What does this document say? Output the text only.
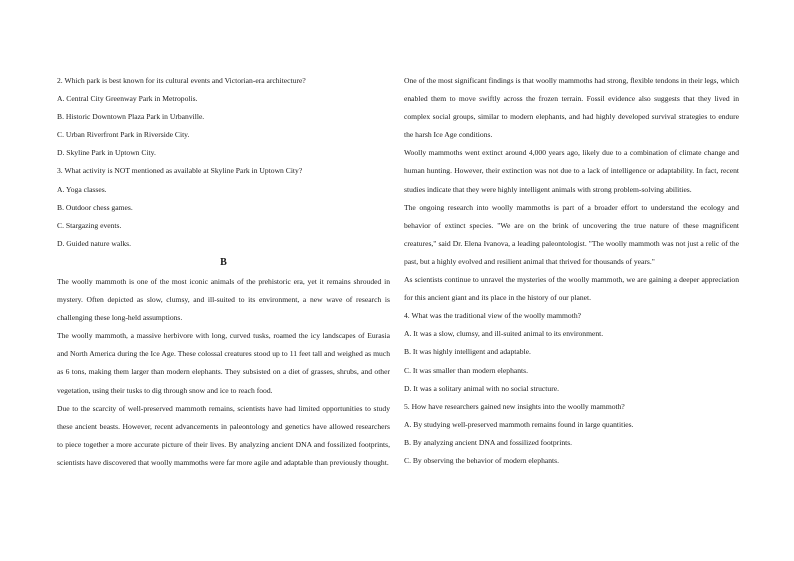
2. Which park is best known for its cultural events and Victorian-era architecture?

A. Central City Greenway Park in Metropolis.

B. Historic Downtown Plaza Park in Urbanville.

C. Urban Riverfront Park in Riverside City.

D. Skyline Park in Uptown City.

3. What activity is NOT mentioned as available at Skyline Park in Uptown City?

A. Yoga classes.

B. Outdoor chess games.

C. Stargazing events.

D. Guided nature walks.

B

The woolly mammoth is one of the most iconic animals of the prehistoric era, yet it remains shrouded in mystery. Often depicted as slow, clumsy, and ill-suited to its environment, a new wave of research is challenging these long-held assumptions.

The woolly mammoth, a massive herbivore with long, curved tusks, roamed the icy landscapes of Eurasia and North America during the Ice Age. These colossal creatures stood up to 11 feet tall and weighed as much as 6 tons, making them larger than modern elephants. They subsisted on a diet of grasses, shrubs, and other vegetation, using their tusks to dig through snow and ice to reach food.

Due to the scarcity of well-preserved mammoth remains, scientists have had limited opportunities to study these ancient beasts. However, recent advancements in paleontology and genetics have allowed researchers to piece together a more accurate picture of their lives. By analyzing ancient DNA and fossilized footprints, scientists have discovered that woolly mammoths were far more agile and adaptable than previously thought.

One of the most significant findings is that woolly mammoths had strong, flexible tendons in their legs, which enabled them to move swiftly across the frozen terrain. Fossil evidence also suggests that they lived in complex social groups, similar to modern elephants, and had highly developed survival strategies to endure the harsh Ice Age conditions.

Woolly mammoths went extinct around 4,000 years ago, likely due to a combination of climate change and human hunting. However, their extinction was not due to a lack of intelligence or adaptability. In fact, recent studies indicate that they were highly intelligent animals with strong problem-solving abilities.

The ongoing research into woolly mammoths is part of a broader effort to understand the ecology and behavior of extinct species. "We are on the brink of uncovering the true nature of these magnificent creatures," said Dr. Elena Ivanova, a leading paleontologist. "The woolly mammoth was not just a relic of the past, but a highly evolved and resilient animal that thrived for thousands of years."

As scientists continue to unravel the mysteries of the woolly mammoth, we are gaining a deeper appreciation for this ancient giant and its place in the history of our planet.

4. What was the traditional view of the woolly mammoth?

A. It was a slow, clumsy, and ill-suited animal to its environment.

B. It was highly intelligent and adaptable.

C. It was smaller than modern elephants.

D. It was a solitary animal with no social structure.

5. How have researchers gained new insights into the woolly mammoth?

A. By studying well-preserved mammoth remains found in large quantities.

B. By analyzing ancient DNA and fossilized footprints.

C. By observing the behavior of modern elephants.
